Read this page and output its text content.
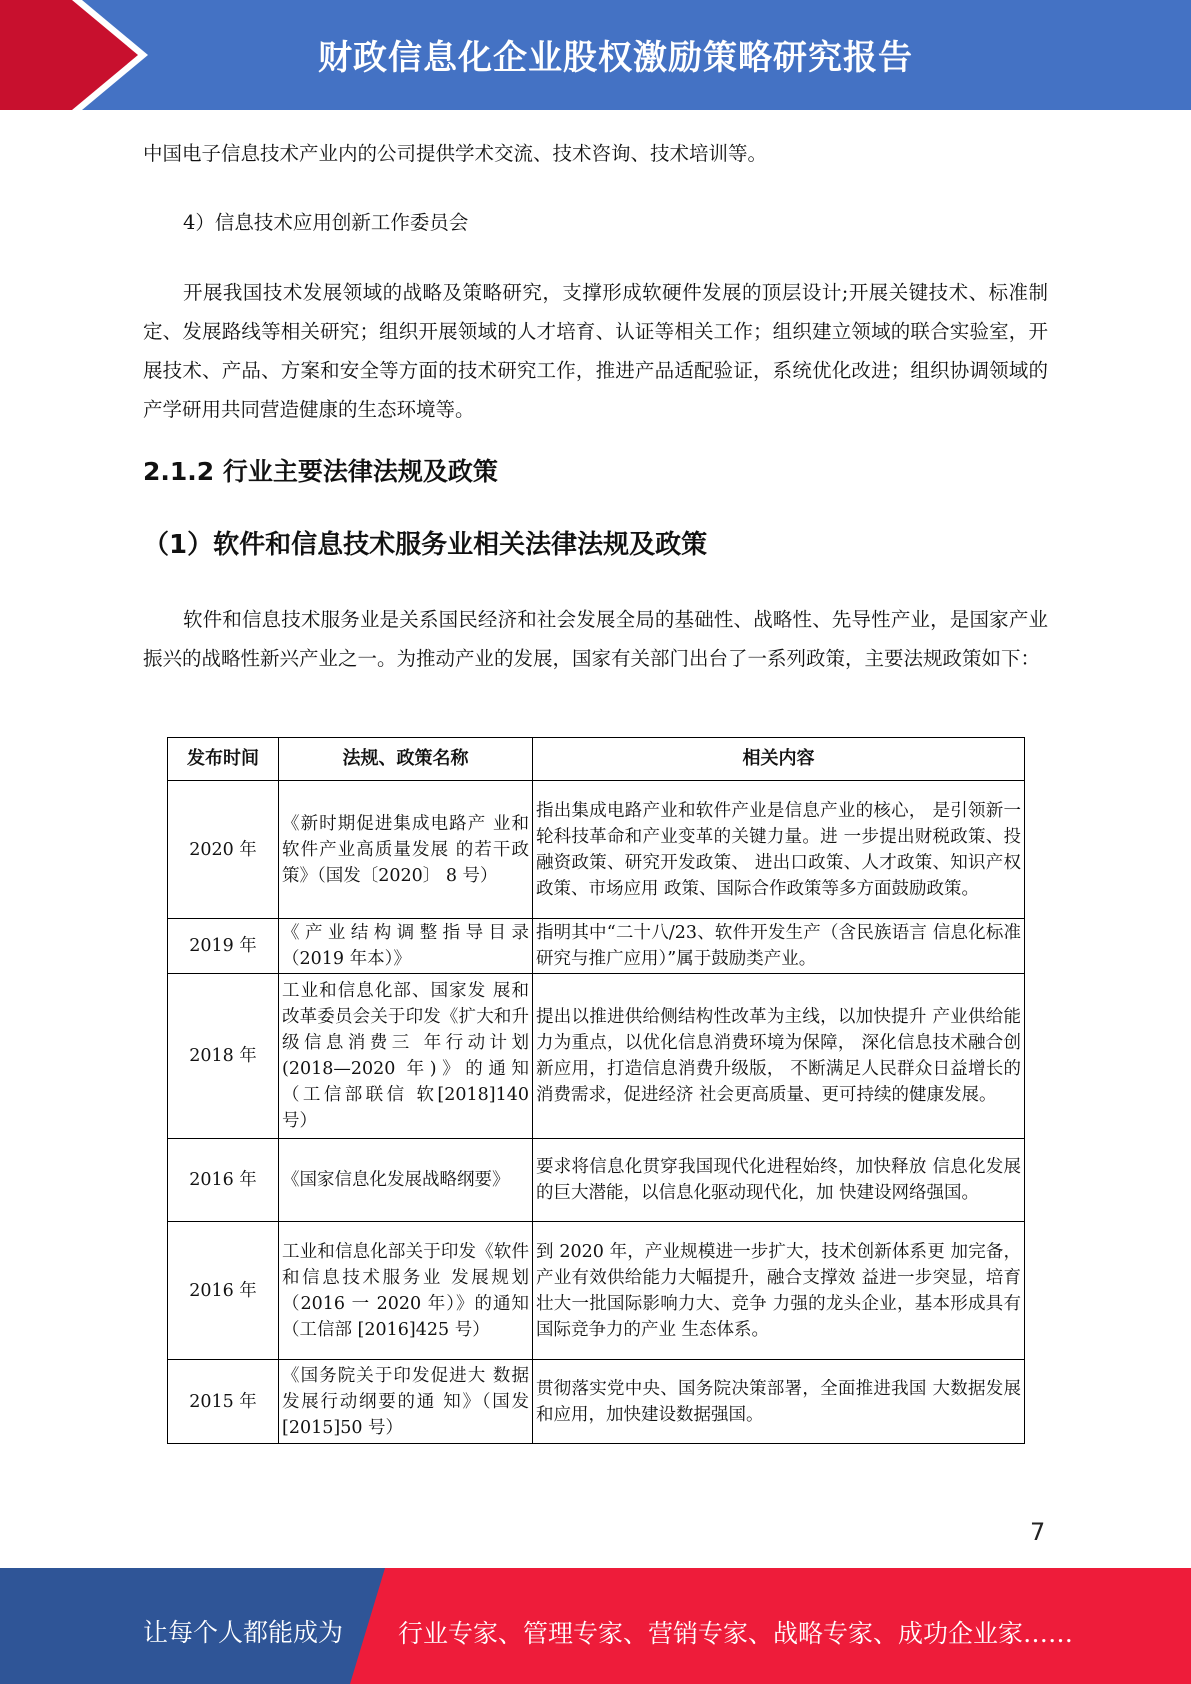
财政信息化企业股权激励策略研究报告

中国电子信息技术产业内的公司提供学术交流、技术咨询、技术培训等。

4）信息技术应用创新工作委员会

开展我国技术发展领域的战略及策略研究，支撑形成软硬件发展的顶层设计;开展关键技术、标准制定、发展路线等相关研究；组织开展领域的人才培育、认证等相关工作；组织建立领域的联合实验室，开展技术、产品、方案和安全等方面的技术研究工作，推进产品适配验证，系统优化改进；组织协调领域的产学研用共同营造健康的生态环境等。

2.1.2 行业主要法律法规及政策
（1）软件和信息技术服务业相关法律法规及政策

软件和信息技术服务业是关系国民经济和社会发展全局的基础性、战略性、先导性产业，是国家产业振兴的战略性新兴产业之一。为推动产业的发展，国家有关部门出台了一系列政策，主要法规政策如下：

发布时间	法规、政策名称	相关内容
2020 年	《新时期促进集成电路产 业和软件产业高质量发展 的若干政策》（国发〔2020〕 8 号）	指出集成电路产业和软件产业是信息产业的核心， 是引领新一轮科技革命和产业变革的关键力量。进 一步提出财税政策、投融资政策、研究开发政策、 进出口政策、人才政策、知识产权政策、市场应用 政策、国际合作政策等多方面鼓励政策。
2019 年	《产业结构调整指导目录（2019 年本）》	指明其中“二十八/23、软件开发生产（含民族语言 信息化标准研究与推广应用）”属于鼓励类产业。
2018 年	工业和信息化部、国家发 展和改革委员会关于印发《扩大和升级信息消费三 年行动计划(2018—2020 年)》的通知（工信部联信 软[2018]140 号）	提出以推进供给侧结构性改革为主线，以加快提升 产业供给能力为重点，以优化信息消费环境为保障， 深化信息技术融合创新应用，打造信息消费升级版， 不断满足人民群众日益增长的消费需求，促进经济 社会更高质量、更可持续的健康发展。
2016 年	《国家信息化发展战略纲要》	要求将信息化贯穿我国现代化进程始终，加快释放 信息化发展的巨大潜能，以信息化驱动现代化，加 快建设网络强国。
2016 年	工业和信息化部关于印发《软件和信息技术服务业 发展规划（2016 一 2020 年）》的通知（工信部 [2016]425 号）	到 2020 年，产业规模进一步扩大，技术创新体系更 加完备，产业有效供给能力大幅提升，融合支撑效 益进一步突显，培育壮大一批国际影响力大、竞争 力强的龙头企业，基本形成具有国际竞争力的产业 生态体系。
2015 年	《国务院关于印发促进大 数据发展行动纲要的通 知》（国发[2015]50 号）	贯彻落实党中央、国务院决策部署，全面推进我国 大数据发展和应用，加快建设数据强国。
7
让每个人都能成为 行业专家、管理专家、营销专家、战略专家、成功企业家……
